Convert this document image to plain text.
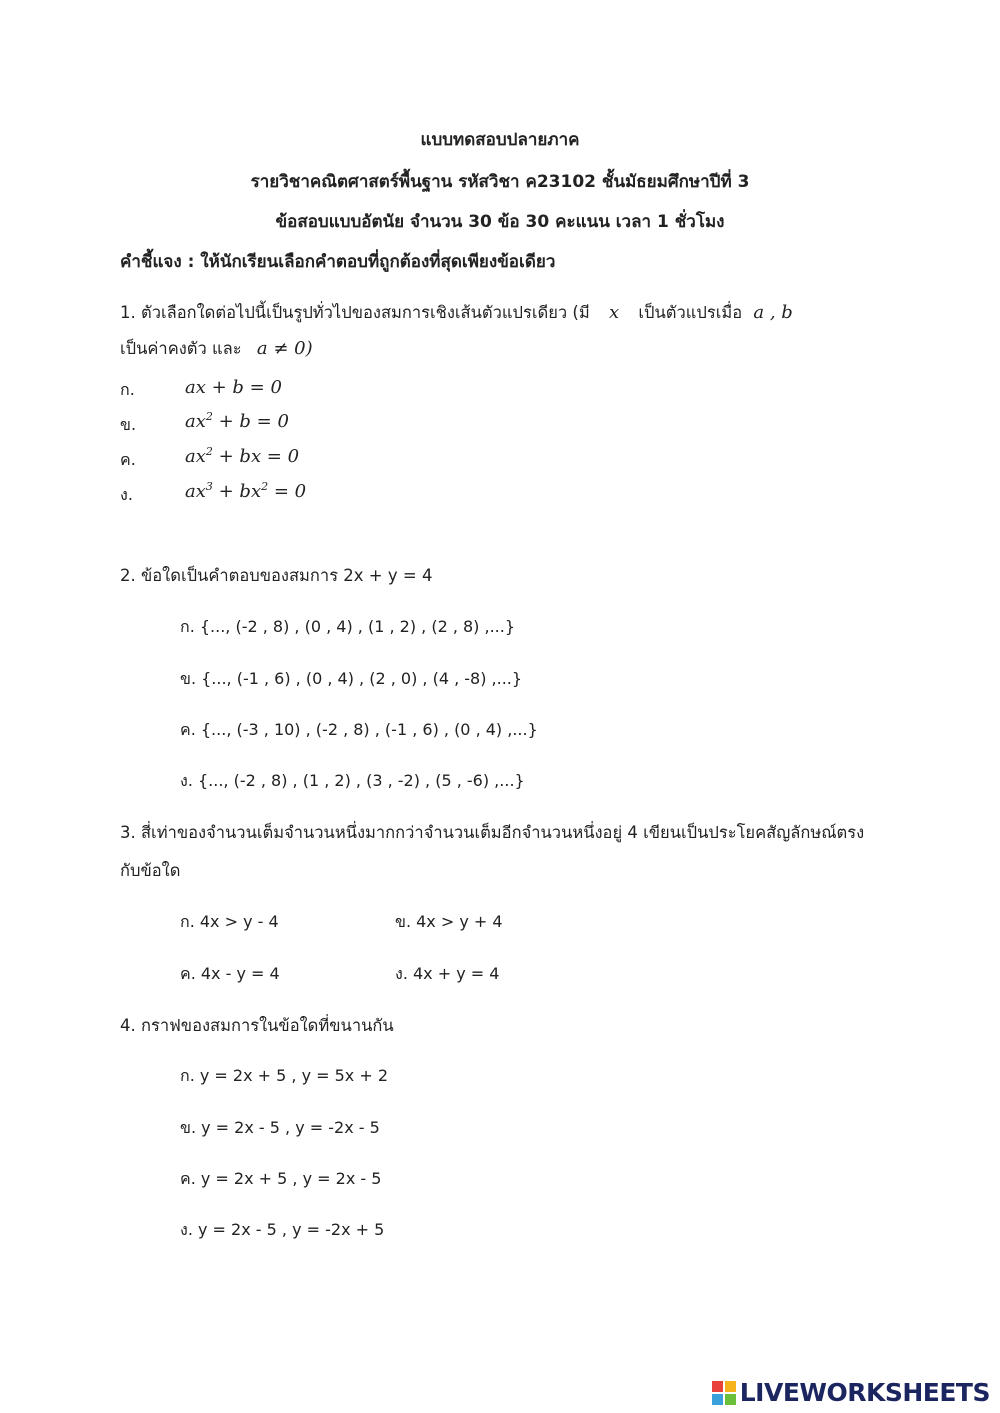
แบบทดสอบปลายภาค
รายวิชาคณิตศาสตร์พื้นฐาน รหัสวิชา ค23102 ชั้นมัธยมศึกษาปีที่ 3
ข้อสอบแบบอัตนัย จำนวน 30 ข้อ 30 คะแนน เวลา 1 ชั่วโมง
คำชี้แจง : ให้นักเรียนเลือกคำตอบที่ถูกต้องที่สุดเพียงข้อเดียว
1. ตัวเลือกใดต่อไปนี้เป็นรูปทั่วไปของสมการเชิงเส้นตัวแปรเดียว (มี x เป็นตัวแปรเมื่อ a , b
เป็นค่าคงตัว และ a ≠ 0)
ก.	ax + b = 0
ข.	$ax^2 + b = 0$
ค.	$ax^2$ + bx = 0
ง.	$ax^3 + bx^2 = 0$
2. ข้อใดเป็นคำตอบของสมการ 2x + y = 4
ก. {..., (-2 , 8) , (0 , 4) , (1 , 2) , (2 , 8) ,...}
ข. {..., (-1 , 6) , (0 , 4) , (2 , 0) , (4 , -8) ,...}
ค. {..., (-3 , 10) , (-2 , 8) , (-1 , 6) , (0 , 4) ,...}
ง. {..., (-2 , 8) , (1 , 2) , (3 , -2) , (5 , -6) ,...}
3. สี่เท่าของจำนวนเต็มจำนวนหนึ่งมากกว่าจำนวนเต็มอีกจำนวนหนึ่งอยู่ 4 เขียนเป็นประโยคสัญลักษณ์ตรง
กับข้อใด
ก. 4x > y - 4	ข. 4x > y + 4
ค. 4x - y = 4	ง. 4x + y = 4
4. กราฟของสมการในข้อใดที่ขนานกัน
ก. y = 2x + 5 , y = 5x + 2
ข. y = 2x - 5 , y = -2x - 5
ค. y = 2x + 5 , y = 2x - 5
ง. y = 2x - 5 , y = -2x + 5
LIVEWORKSHEETS
